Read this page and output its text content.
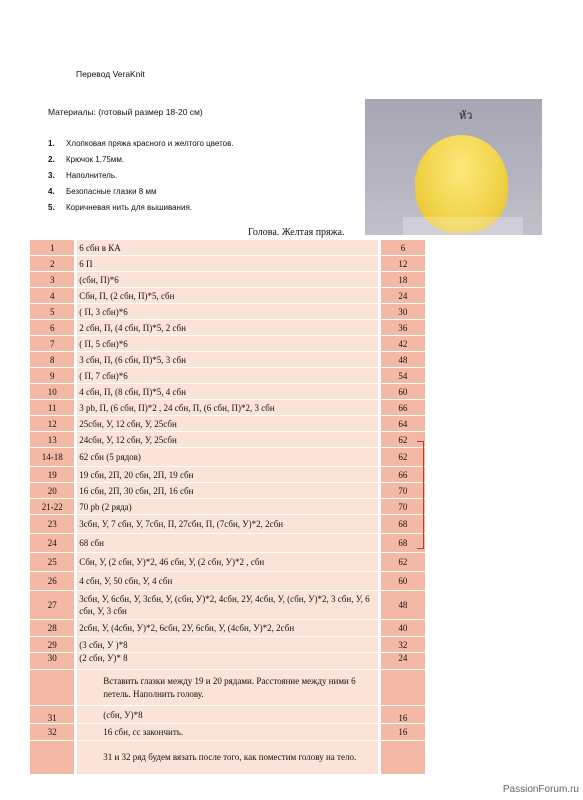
Перевод VeraKnit
Материалы: (готовый размер 18-20 см)
1. Хлопковая пряжа красного и желтого цветов.
2. Крючок 1,75мм.
3. Наполнитель.
4. Безопасные глазки 8 мм
5. Коричневая нить для вышивания.
หัว
Голова. Желтая пряжа.
1		6 сбн в КА		6
2		6 П		12
3		(сбн, П)*6		18
4		Сбн, П, (2 сбн, П)*5, сбн		24
5		( П, 3 сбн)*6		30
6		2 сбн, П, (4 сбн, П)*5, 2 сбн		36
7		( П, 5 сбн)*6		42
8		3 сбн, П, (6 сбн, П)*5, 3 сбн		48
9		( П, 7 сбн)*6		54
10		4 сбн, П, (8 сбн, П)*5, 4 сбн		60
11		3 pb, П, (6 сбн, П)*2 , 24 сбн, П, (6 сбн, П)*2, 3 сбн		66
12		25сбн, У, 12 сбн, У, 25сбн		64
13		24сбн, У, 12 сбн, У, 25сбн		62
14-18		62 сбн (5 рядов)		62
19		19 сбн, 2П, 20 сбн, 2П, 19 сбн		66
20		16 сбн, 2П, 30 сбн, 2П, 16 сбн		70
21-22		70 pb (2 ряда)		70
23		3сбн, У, 7 сбн, У, 7сбн, П, 27сбн, П, (7сбн, У)*2, 2сбн		68
24		68 сбн		68
25		Сбн, У, (2 сбн, У)*2, 46 сбн, У, (2 сбн, У)*2 , сбн		62
26		4 сбн, У, 50 сбн, У, 4 сбн		60
27		3сбн, У, 6сбн, У, 3сбн, У, (сбн, У)*2, 4сбн, 2У, 4сбн, У, (сбн, У)*2, 3 сбн, У, 6 сбн, У, 3 сбн		48
28		2сбн, У, (4сбн, У)*2, 6сбн, 2У, 6сбн, У, (4сбн, У)*2, 2сбн		40
29		(3 сбн, У )*8		32
30		(2 сбн, У)* 8		24

		Вставить глазки между 19 и 20 рядами. Расстояние между ними 6 петель. Наполнить голову.		

31		(сбн, У)*8		16
32		16 сбн, сс закончить.		16

		31 и 32 ряд будем вязать после того, как поместим голову на тело.		

PassionForum.ru
